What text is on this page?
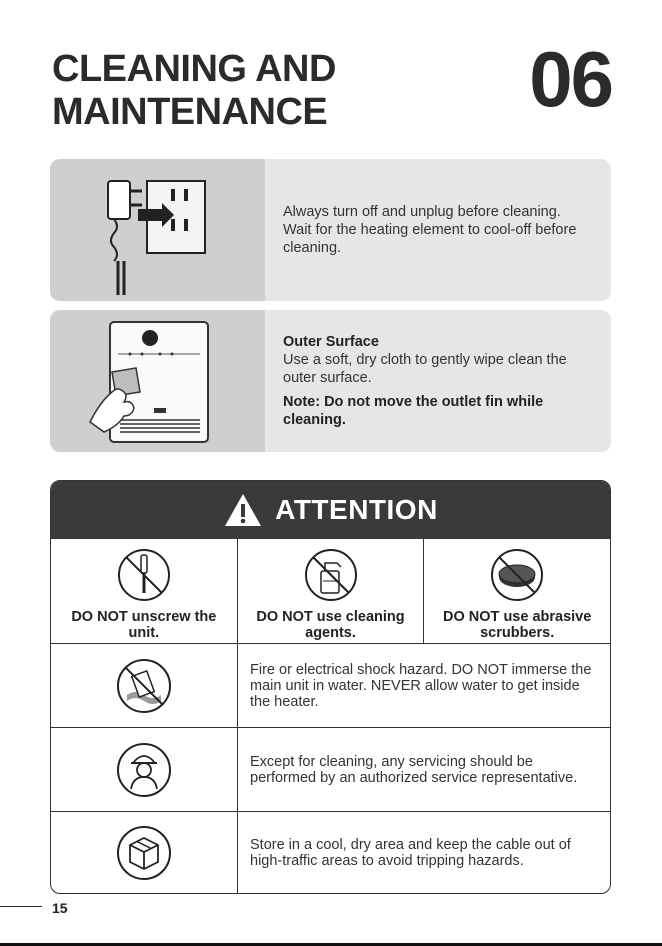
CLEANING AND
MAINTENANCE	06

Always turn off and unplug before cleaning.

Wait for the heating element to cool-off before cleaning.

Outer Surface

Use a soft, dry cloth to gently wipe clean the outer surface.

Note: Do not move the outlet fin while cleaning.

ATTENTION
DO NOT unscrew the unit.
DO NOT use cleaning agents.
DO NOT use abrasive scrubbers.
Fire or electrical shock hazard. DO NOT immerse the main unit in water. NEVER allow water to get inside the heater.
Except for cleaning, any servicing should be performed by an authorized service representative.
Store in a cool, dry area and keep the cable out of high-traffic areas to avoid tripping hazards.
15
